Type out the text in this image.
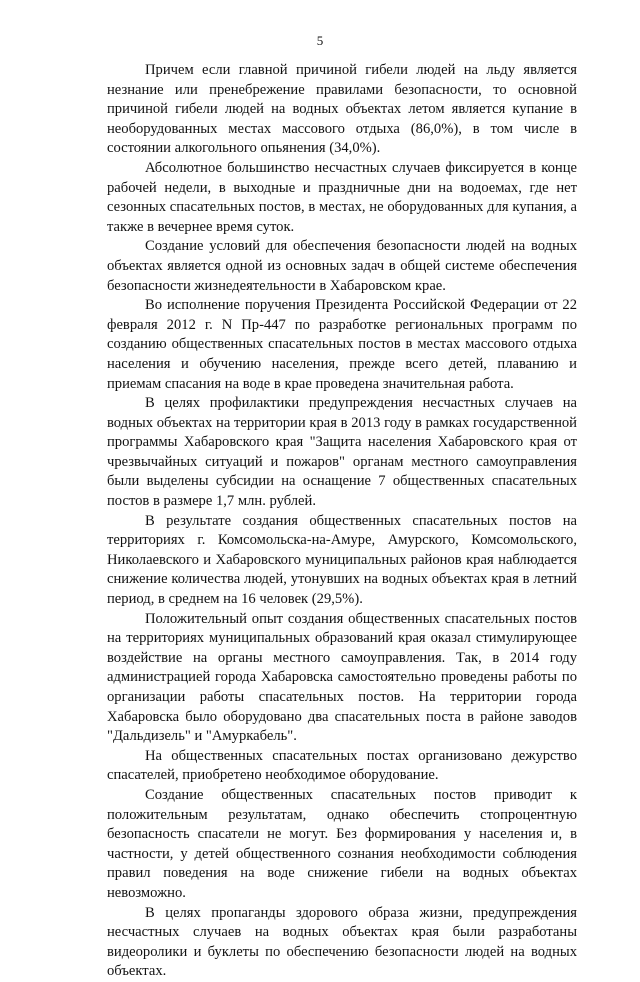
5

Причем если главной причиной гибели людей на льду является незнание или пренебрежение правилами безопасности, то основной причиной гибели людей на водных объектах летом является купание в необорудованных местах массового отдыха (86,0%), в том числе в состоянии алкогольного опьянения (34,0%).

Абсолютное большинство несчастных случаев фиксируется в конце рабочей недели, в выходные и праздничные дни на водоемах, где нет сезонных спасательных постов, в местах, не оборудованных для купания, а также в вечернее время суток.

Создание условий для обеспечения безопасности людей на водных объектах является одной из основных задач в общей системе обеспечения безопасности жизнедеятельности в Хабаровском крае.

Во исполнение поручения Президента Российской Федерации от 22 февраля 2012 г. N Пр-447 по разработке региональных программ по созданию общественных спасательных постов в местах массового отдыха населения и обучению населения, прежде всего детей, плаванию и приемам спасания на воде в крае проведена значительная работа.

В целях профилактики предупреждения несчастных случаев на водных объектах на территории края в 2013 году в рамках государственной программы Хабаровского края "Защита населения Хабаровского края от чрезвычайных ситуаций и пожаров" органам местного самоуправления были выделены субсидии на оснащение 7 общественных спасательных постов в размере 1,7 млн. рублей.

В результате создания общественных спасательных постов на территориях г. Комсомольска-на-Амуре, Амурского, Комсомольского, Николаевского и Хабаровского муниципальных районов края наблюдается снижение количества людей, утонувших на водных объектах края в летний период, в среднем на 16 человек (29,5%).

Положительный опыт создания общественных спасательных постов на территориях муниципальных образований края оказал стимулирующее воздействие на органы местного самоуправления. Так, в 2014 году администрацией города Хабаровска самостоятельно проведены работы по организации работы спасательных постов. На территории города Хабаровска было оборудовано два спасательных поста в районе заводов "Дальдизель" и "Амуркабель".

На общественных спасательных постах организовано дежурство спасателей, приобретено необходимое оборудование.

Создание общественных спасательных постов приводит к положительным результатам, однако обеспечить стопроцентную безопасность спасатели не могут. Без формирования у населения и, в частности, у детей общественного сознания необходимости соблюдения правил поведения на воде снижение гибели на водных объектах невозможно.

В целях пропаганды здорового образа жизни, предупреждения несчастных случаев на водных объектах края были разработаны видеоролики и буклеты по обеспечению безопасности людей на водных объектах.
